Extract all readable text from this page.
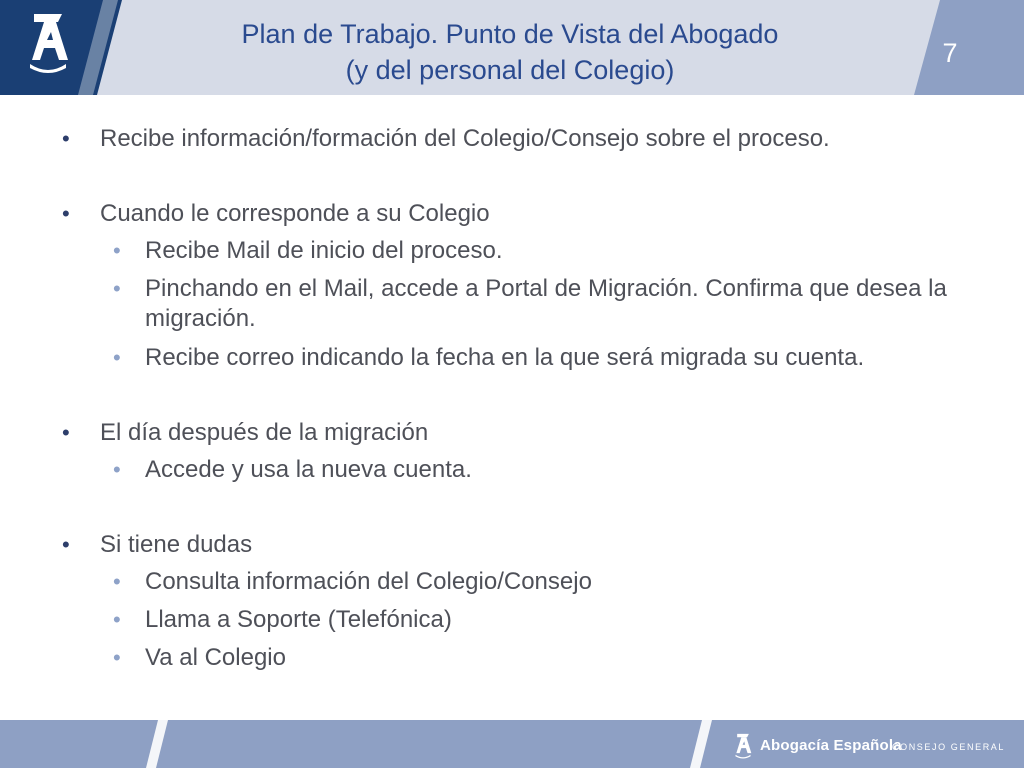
Plan de Trabajo. Punto de Vista del Abogado
(y del personal del Colegio)
7
• Recibe información/formación del Colegio/Consejo sobre el proceso.
• Cuando le corresponde a su Colegio
• Recibe Mail de inicio del proceso.
• Pinchando en el Mail, accede a Portal de Migración. Confirma que desea la migración.
• Recibe correo indicando la fecha en la que será migrada su cuenta.
• El día después de la migración
• Accede y usa la nueva cuenta.
• Si tiene dudas
• Consulta información del Colegio/Consejo
• Llama a Soporte (Telefónica)
• Va al Colegio
Abogacía Española
CONSEJO GENERAL
